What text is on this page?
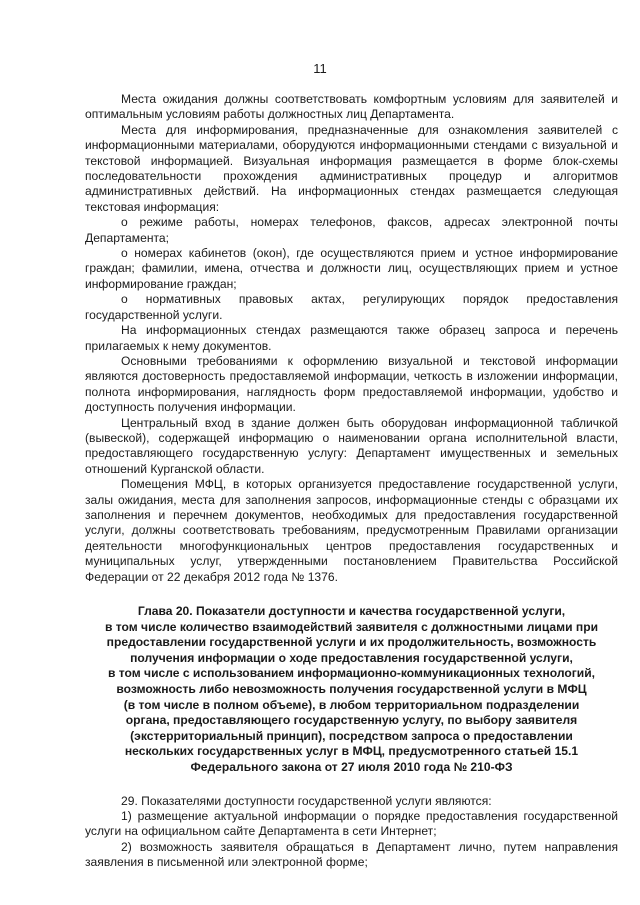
11

Места ожидания должны соответствовать комфортным условиям для заявителей и оптимальным условиям работы должностных лиц Департамента.

Места для информирования, предназначенные для ознакомления заявителей с информационными материалами, оборудуются информационными стендами с визуальной и текстовой информацией. Визуальная информация размещается в форме блок-схемы последовательности прохождения административных процедур и алгоритмов административных действий. На информационных стендах размещается следующая текстовая информация:

о режиме работы, номерах телефонов, факсов, адресах электронной почты Департамента;

о номерах кабинетов (окон), где осуществляются прием и устное информирование граждан; фамилии, имена, отчества и должности лиц, осуществляющих прием и устное информирование граждан;

о нормативных правовых актах, регулирующих порядок предоставления государственной услуги.

На информационных стендах размещаются также образец запроса и перечень прилагаемых к нему документов.

Основными требованиями к оформлению визуальной и текстовой информации являются достоверность предоставляемой информации, четкость в изложении информации, полнота информирования, наглядность форм предоставляемой информации, удобство и доступность получения информации.

Центральный вход в здание должен быть оборудован информационной табличкой (вывеской), содержащей информацию о наименовании органа исполнительной власти, предоставляющего государственную услугу: Департамент имущественных и земельных отношений Курганской области.

Помещения МФЦ, в которых организуется предоставление государственной услуги, залы ожидания, места для заполнения запросов, информационные стенды с образцами их заполнения и перечнем документов, необходимых для предоставления государственной услуги, должны соответствовать требованиям, предусмотренным Правилами организации деятельности многофункциональных центров предоставления государственных и муниципальных услуг, утвержденными постановлением Правительства Российской Федерации от 22 декабря 2012 года № 1376.

Глава 20. Показатели доступности и качества государственной услуги,
в том числе количество взаимодействий заявителя с должностными лицами при
предоставлении государственной услуги и их продолжительность, возможность
получения информации о ходе предоставления государственной услуги,
в том числе с использованием информационно-коммуникационных технологий,
возможность либо невозможность получения государственной услуги в МФЦ
(в том числе в полном объеме), в любом территориальном подразделении
органа, предоставляющего государственную услугу, по выбору заявителя
(экстерриториальный принцип), посредством запроса о предоставлении
нескольких государственных услуг в МФЦ, предусмотренного статьей 15.1
Федерального закона от 27 июля 2010 года № 210-ФЗ

29. Показателями доступности государственной услуги являются:

1) размещение актуальной информации о порядке предоставления государственной услуги на официальном сайте Департамента в сети Интернет;

2) возможность заявителя обращаться в Департамент лично, путем направления заявления в письменной или электронной форме;
